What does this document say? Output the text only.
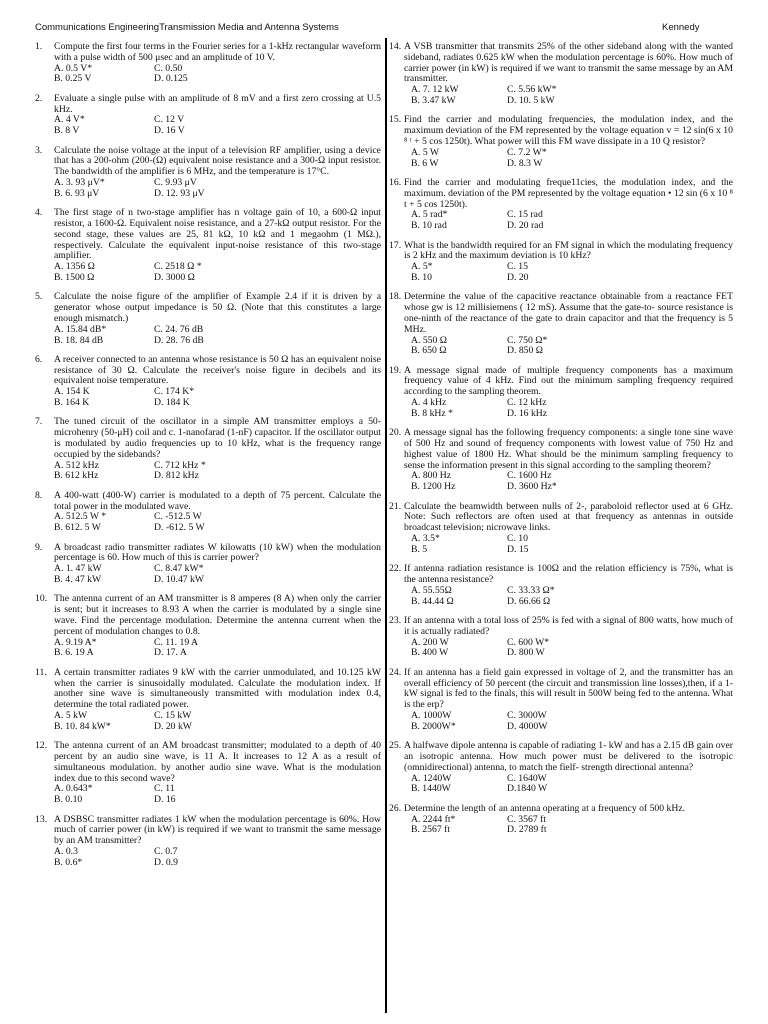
Communications EngineeringTransmission Media and Antenna Systems	Kennedy
1.	Compute the first four terms in the Fourier series for a 1-kHz rectangular waveform with a pulse width of 500 μsec and an amplitude of 10 V.
A. 0.5 V*	C. 0.50
B. 0.25 V	D. 0.125
2.	Evaluate a single pulse with an amplitude of 8 mV and a first zero crossing at U.5 kHz.
A. 4 V*	C. 12 V
B. 8 V	D. 16 V
3.	Calculate the noise voltage at the input of a television RF amplifier, using a device that has a 200-ohm (200-(Ω) equivalent noise resistance and a 300-Ω input resistor. The bandwidth of the amplifier is 6 MHz, and the temperature is 17°C.
A. 3. 93 μV*	C. 9.93 μV
B. 6. 93 μV	D. 12. 93 μV
4.	The first stage of n two-stage amplifier has n voltage gain of 10, a 600-Ω input resistor, a 1600-Ω. Equivalent noise resistance, and a 27-kΩ output resistor. For the second stage, these values are 25, 81 kΩ, 10 kΩ and 1 megaohm (1 MΩ.), respectively. Calculate the equivalent input-noise resistance of this two-stage amplifier.
A. 1356 Ω	C. 2518 Ω *
B. 1500 Ω	D. 3000 Ω
5.	Calculate the noise figure of the amplifier of Example 2.4 if it is driven by a generator whose output impedance is 50 Ω. (Note that this constitutes a large enough mismatch.)
A. 15.84 dB*	C. 24. 76 dB
B. 18. 84 dB	D. 28. 76 dB
6.	A receiver connected to an antenna whose resistance is 50 Ω has an equivalent noise resistance of 30 Ω. Calculate the receiver's noise figure in decibels and its equivalent noise temperature.
A. 154 K	C. 174 K*
B. 164 K	D. 184 K
7.	The tuned circuit of the oscillator in a simple AM transmitter employs a 50-microhenry (50-μH) coil and c. 1-nanofarad (1-nF) capacitor. If the oscillator output is modulated by audio frequencies up to 10 kHz, what is the frequency range occupied by the sidebands?
A. 512 kHz	C. 712 kHz *
B. 612 kHz	D. 812 kHz
8.	A 400-watt (400-W) carrier is modulated to a depth of 75 percent. Calculate the total power in the modulated wave.
A. 512.5 W *	C. -512.5 W
B. 612. 5 W	D. -612. 5 W
9.	A broadcast radio transmitter radiates W kilowatts (10 kW) when the modulation percentage is 60. How much of this is carrier power?
A. 1. 47 kW	C. 8.47 kW*
B. 4. 47 kW	D. 10.47 kW
10. The antenna current of an AM transmitter is 8 amperes (8 A) when only the carrier is sent; but it increases to 8.93 A when the carrier is modulated by a single sine wave. Find the percentage modulation. Determine the antenna current when the percent of modulation changes to 0.8.
A. 9.19 A*	C. 11. 19 A
B. 6. 19 A	D. 17. A
11. A certain transmitter radiates 9 kW with the carrier unmodulated, and 10.125 kW when the carrier is sinusoidally modulated. Calculate the modulation index. If another sine wave is simultaneously transmitted with modulation index 0.4, determine the total radiated power.
A. 5 kW	C. 15 kW
B. 10. 84 kW*	D. 20 kW
12. The antenna current of an AM broadcast transmitter; modulated to a depth of 40 percent by an audio sine wave, is 11 A. It increases to 12 A as a result of simultaneous modulation. by another audio sine wave. What is the modulation index due to this second wave?
A. 0.643*	C. 11
B. 0.10	D. 16
13. A DSBSC transmitter radiates 1 kW when the modulation percentage is 60%. How much of carrier power (in kW) is required if we want to transmit the same message by an AM transmitter?
A. 0.3	C. 0.7
B. 0.6*	D. 0.9
14. A VSB transmitter that transmits 25% of the other sideband along with the wanted sideband, radiates 0.625 kW when the modulation percentage is 60%. How much of carrier power (in kW) is required if we want to transmit the same message by an AM transmitter.
A. 7. 12 kW	C. 5.56 kW*
B. 3.47 kW	D. 10. 5 kW
15. Find the carrier and modulating frequencies, the modulation index, and the maximum deviation of the FM represented by the voltage equation v = 12 sin(6 x 10 ⁸ ᵗ + 5 cos 1250t). What power will this FM wave dissipate in a 10 Q resistor?
A. 5 W	C. 7.2 W*
B. 6 W	D. 8.3 W
16. Find the carrier and modulating freque11cies, the modulation index, and the maximum. deviation of the PM represented by the voltage equation • 12 sin (6 x 10 ⁸ t + 5 cos 1250t).
A. 5 rad*	C. 15 rad
B. 10 rad	D. 20 rad
17. What is the bandwidth required for an FM signal in which the modulating frequency is 2 kHz and the maximum deviation is 10 kHz?
A. 5*	C. 15
B. 10	D. 20
18. Determine the value of the capacitive reactance obtainable from a reactance FET whose gw is 12 millisiemens ( 12 mS). Assume that the gate-to- source resistance is one-ninth of the reactance of the gate to drain capacitor and that the frequency is 5 MHz.
A. 550 Ω	C. 750 Ω*
B. 650 Ω	D. 850 Ω
19. A message signal made of multiple frequency components has a maximum frequency value of 4 kHz. Find out the minimum sampling frequency required according to the sampling theorem.
A. 4 kHz	C. 12 kHz
B. 8 kHz *	D. 16 kHz
20. A message signal has the following frequency components: a single tone sine wave of 500 Hz and sound of frequency components with lowest value of 750 Hz and highest value of 1800 Hz. What should be the minimum sampling frequency to sense the information present in this signal according to the sampling theorem?
A. 800 Hz	C. 1600 Hz
B. 1200 Hz	D. 3600 Hz*
21. Calculate the beamwidth between nulls of 2-, paraboloid reflector used at 6 GHz. Note: Such reflectors are often used at that frequency as antennas in outside broadcast television; nicrowave links.
A. 3.5*	C. 10
B. 5	D. 15
22. If antenna radiation resistance is 100Ω and the relation efficiency is 75%, what is the antenna resistance?
A. 55.55Ω	C. 33.33 Ω*
B. 44.44 Ω	D. 66.66 Ω
23. If an antenna with a total loss of 25% is fed with a signal of 800 watts, how much of it is actually radiated?
A. 200 W	C. 600 W*
B. 400 W	D. 800 W
24. If an antenna has a field gain expressed in voltage of 2, and the transmitter has an overall efficiency of 50 percent (the circuit and transmission line losses),then, if a 1-kW signal is fed to the finals, this will result in 500W being fed to the antenna. What is the erp?
A. 1000W	C. 3000W
B. 2000W*	D. 4000W
25. A halfwave dipole antenna is capable of radiating 1- kW and has a 2.15 dB gain over an isotropic antenna. How much power must be delivered to the isotropic (omnidirectional) antenna, to match the fielf- strength directional antenna?
A. 1240W	C. 1640W
B. 1440W	D.1840 W
26. Determine the length of an antenna operating at a frequency of 500 kHz.
A. 2244 ft*	C. 3567 ft
B. 2567 ft	D. 2789 ft
